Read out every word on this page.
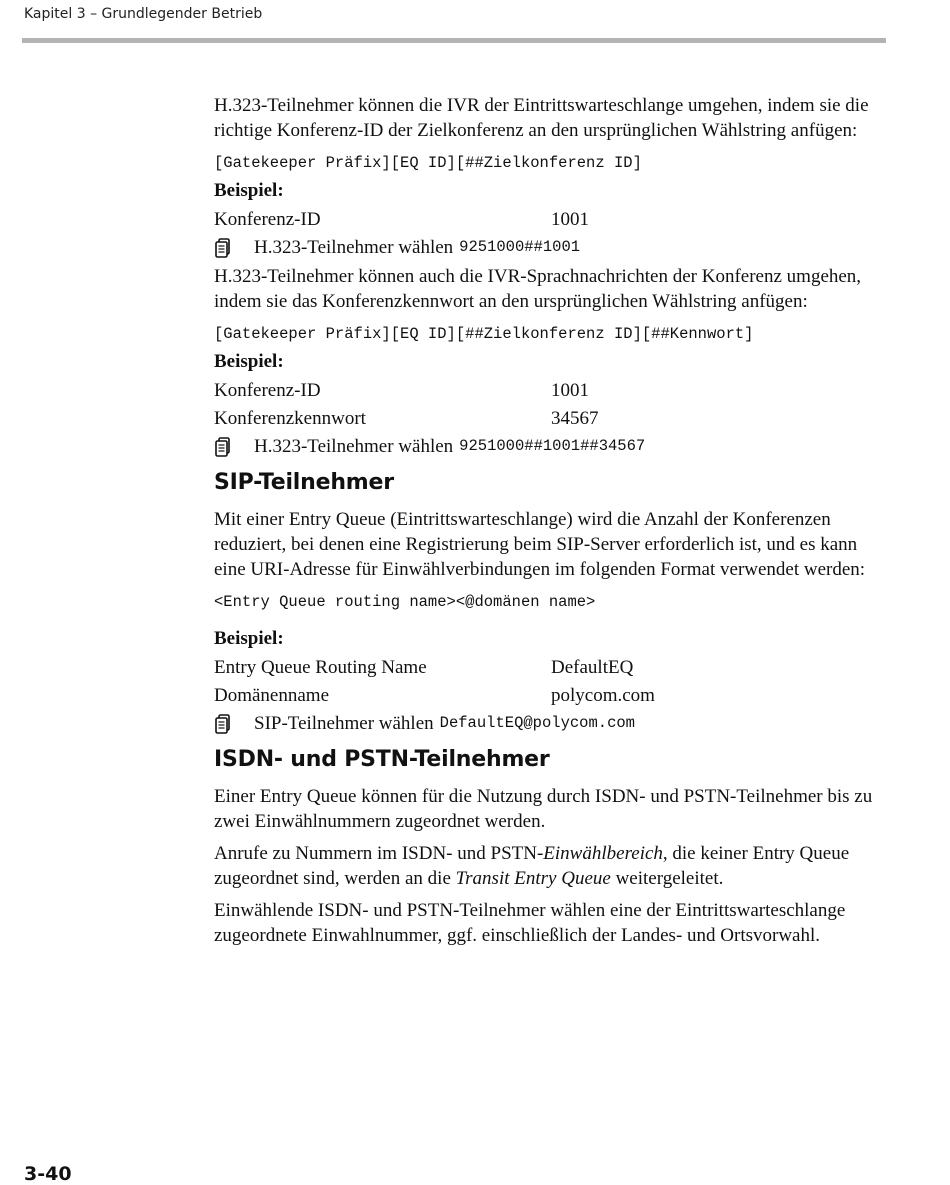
Kapitel 3 – Grundlegender Betrieb

H.323-Teilnehmer können die IVR der Eintrittswarteschlange umgehen, indem sie die richtige Konferenz-ID der Zielkonferenz an den ursprünglichen Wählstring anfügen:

[Gatekeeper Präfix][EQ ID][##Zielkonferenz ID]
Beispiel:
Konferenz-ID	1001
H.323-Teilnehmer wählen 9251000##1001

H.323-Teilnehmer können auch die IVR-Sprachnachrichten der Konferenz umgehen, indem sie das Konferenzkennwort an den ursprünglichen Wählstring anfügen:

[Gatekeeper Präfix][EQ ID][##Zielkonferenz ID][##Kennwort]
Beispiel:
Konferenz-ID	1001
Konferenzkennwort	34567
H.323-Teilnehmer wählen 9251000##1001##34567
SIP-Teilnehmer

Mit einer Entry Queue (Eintrittswarteschlange) wird die Anzahl der Konferenzen reduziert, bei denen eine Registrierung beim SIP-Server erforderlich ist, und es kann eine URI-Adresse für Einwählverbindungen im folgenden Format verwendet werden:

<Entry Queue routing name><@domänen name>
Beispiel:
Entry Queue Routing Name	DefaultEQ
Domänenname	polycom.com
SIP-Teilnehmer wählen DefaultEQ@polycom.com
ISDN- und PSTN-Teilnehmer

Einer Entry Queue können für die Nutzung durch ISDN- und PSTN-Teilnehmer bis zu zwei Einwählnummern zugeordnet werden.

Anrufe zu Nummern im ISDN- und PSTN-Einwählbereich, die keiner Entry Queue zugeordnet sind, werden an die Transit Entry Queue weitergeleitet.

Einwählende ISDN- und PSTN-Teilnehmer wählen eine der Eintrittswarteschlange zugeordnete Einwahlnummer, ggf. einschließlich der Landes- und Ortsvorwahl.

3-40
